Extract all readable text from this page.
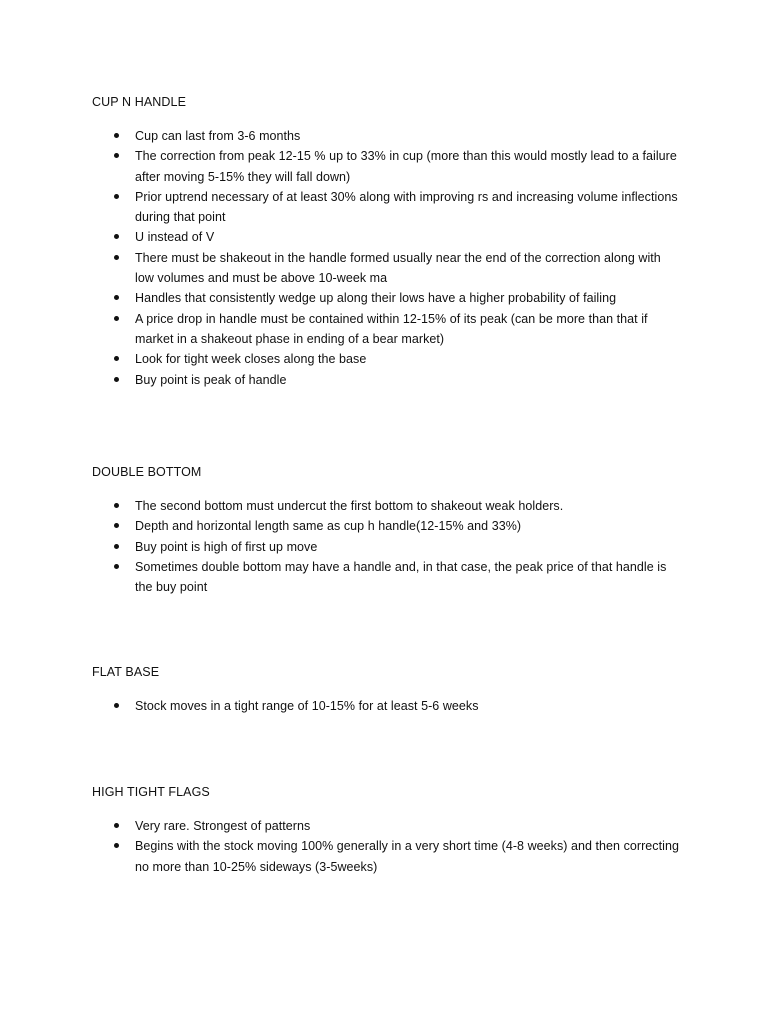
CUP N HANDLE
Cup can last from 3-6 months
The correction from peak 12-15 % up to 33% in cup (more than this would mostly lead to a failure after moving 5-15% they will fall down)
Prior uptrend necessary of at least 30% along with improving rs and increasing volume inflections during that point
U instead of V
There must be shakeout in the handle formed usually near the end of the correction along with low volumes and must be above 10-week ma
Handles that consistently wedge up along their lows have a higher probability of failing
A price drop in handle must be contained within 12-15% of its peak (can be more than that if market in a shakeout phase in ending of a bear market)
Look for tight week closes along the base
Buy point is peak of handle
DOUBLE BOTTOM
The second bottom must undercut the first bottom to shakeout weak holders.
Depth and horizontal length same as cup h handle(12-15% and 33%)
Buy point is high of first up move
Sometimes double bottom may have a handle and, in that case, the peak price of that handle is the buy point
FLAT BASE
Stock moves in a tight range of 10-15% for at least 5-6 weeks
HIGH TIGHT FLAGS
Very rare. Strongest of patterns
Begins with the stock moving 100% generally in a very short time (4-8 weeks) and then correcting no more than 10-25% sideways (3-5weeks)
